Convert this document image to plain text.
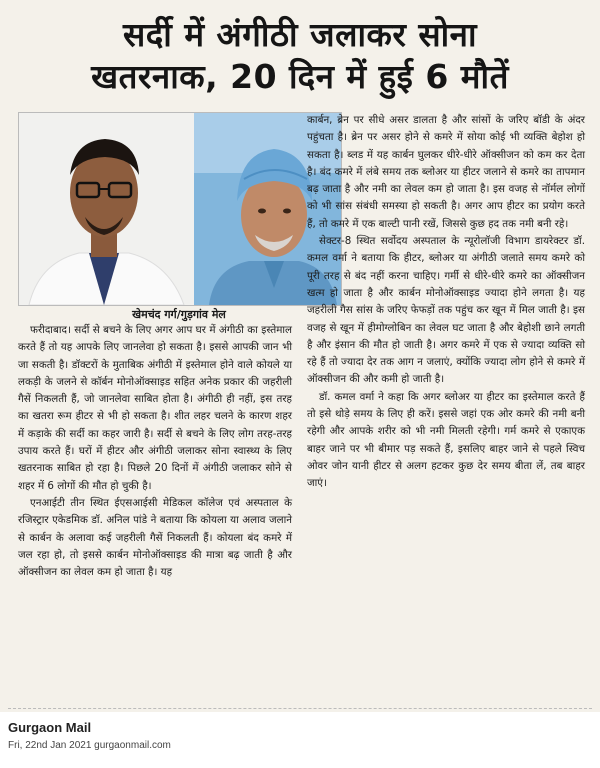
सर्दी में अंगीठी जलाकर सोना
खतरनाक, 20 दिन में हुई 6 मौतें
खेमचंद गर्ग/गुड़गांव मेल

फरीदाबाद। सर्दी से बचने के लिए अगर आप घर में अंगीठी का इस्तेमाल करते हैं तो यह आपके लिए जानलेवा हो सकता है। इससे आपकी जान भी जा सकती है। डॉक्टरों के मुताबिक अंगीठी में इस्तेमाल होने वाले कोयले या लकड़ी के जलने से कॉर्बन मोनोऑक्साइड सहित अनेक प्रकार की जहरीली गैसें निकलती हैं, जो जानलेवा साबित होता है। अंगीठी ही नहीं, इस तरह का खतरा रूम हीटर से भी हो सकता है। शीत लहर चलने के कारण शहर में कड़ाके की सर्दी का कहर जारी है। सर्दी से बचने के लिए लोग तरह-तरह उपाय करते हैं। घरों में हीटर और अंगीठी जलाकर सोना स्वास्थ्य के लिए खतरनाक साबित हो रहा है। पिछले 20 दिनों में अंगीठी जलाकर सोने से शहर में 6 लोगों की मौत हो चुकी है।

एनआईटी तीन स्थित ईएसआईसी मेडिकल कॉलेज एवं अस्पताल के रजिस्ट्रार एकेडमिक डॉ. अनिल पांडे ने बताया कि कोयला या अलाव जलाने से कार्बन के अलावा कई जहरीली गैसें निकलती हैं। कोयला बंद कमरे में जल रहा हो, तो इससे कार्बन मोनोऑक्साइड की मात्रा बढ़ जाती है और ऑक्सीजन का लेवल कम हो जाता है। यह

कार्बन, ब्रेन पर सीधे असर डालता है और सांसों के जरिए बॉडी के अंदर पहुंचता है। ब्रेन पर असर होने से कमरे में सोया कोई भी व्यक्ति बेहोश हो सकता है। ब्लड में यह कार्बन घुलकर धीरे-धीरे ऑक्सीजन को कम कर देता है। बंद कमरे में लंबे समय तक ब्लोअर या हीटर जलाने से कमरे का तापमान बढ़ जाता है और नमी का लेवल कम हो जाता है। इस वजह से नॉर्मल लोगों को भी सांस संबंधी समस्या हो सकती है। अगर आप हीटर का प्रयोग करते हैं, तो कमरे में एक बाल्टी पानी रखें, जिससे कुछ हद तक नमी बनी रहे।

सेक्टर-8 स्थित सर्वोदय अस्पताल के न्यूरोलॉजी विभाग डायरेक्टर डॉ. कमल वर्मा ने बताया कि हीटर, ब्लोअर या अंगीठी जलाते समय कमरे को पूरी तरह से बंद नहीं करना चाहिए। गर्मी से धीरे-धीरे कमरे का ऑक्सीजन खत्म हो जाता है और कार्बन मोनोऑक्साइड ज्यादा होने लगता है। यह जहरीली गैस सांस के जरिए फेफड़ों तक पहुंच कर खून में मिल जाती है। इस वजह से खून में हीमोग्लोबिन का लेवल घट जाता है और बेहोशी छाने लगती है और इंसान की मौत हो जाती है। अगर कमरे में एक से ज्यादा व्यक्ति सो रहे हैं तो ज्यादा देर तक आग न जलाएं, क्योंकि ज्यादा लोग होने से कमरे में ऑक्सीजन की और कमी हो जाती है।

डॉ. कमल वर्मा ने कहा कि अगर ब्लोअर या हीटर का इस्तेमाल करते हैं तो इसे थोड़े समय के लिए ही करें। इससे जहां एक ओर कमरे की नमी बनी रहेगी और आपके शरीर को भी नमी मिलती रहेगी। गर्म कमरे से एकाएक बाहर जाने पर भी बीमार पड़ सकते हैं, इसलिए बाहर जाने से पहले स्विच ओवर जोन यानी हीटर से अलग हटकर कुछ देर समय बीता लें, तब बाहर जाएं।

Gurgaon Mail
Fri, 22nd Jan 2021 gurgaonmail.com
